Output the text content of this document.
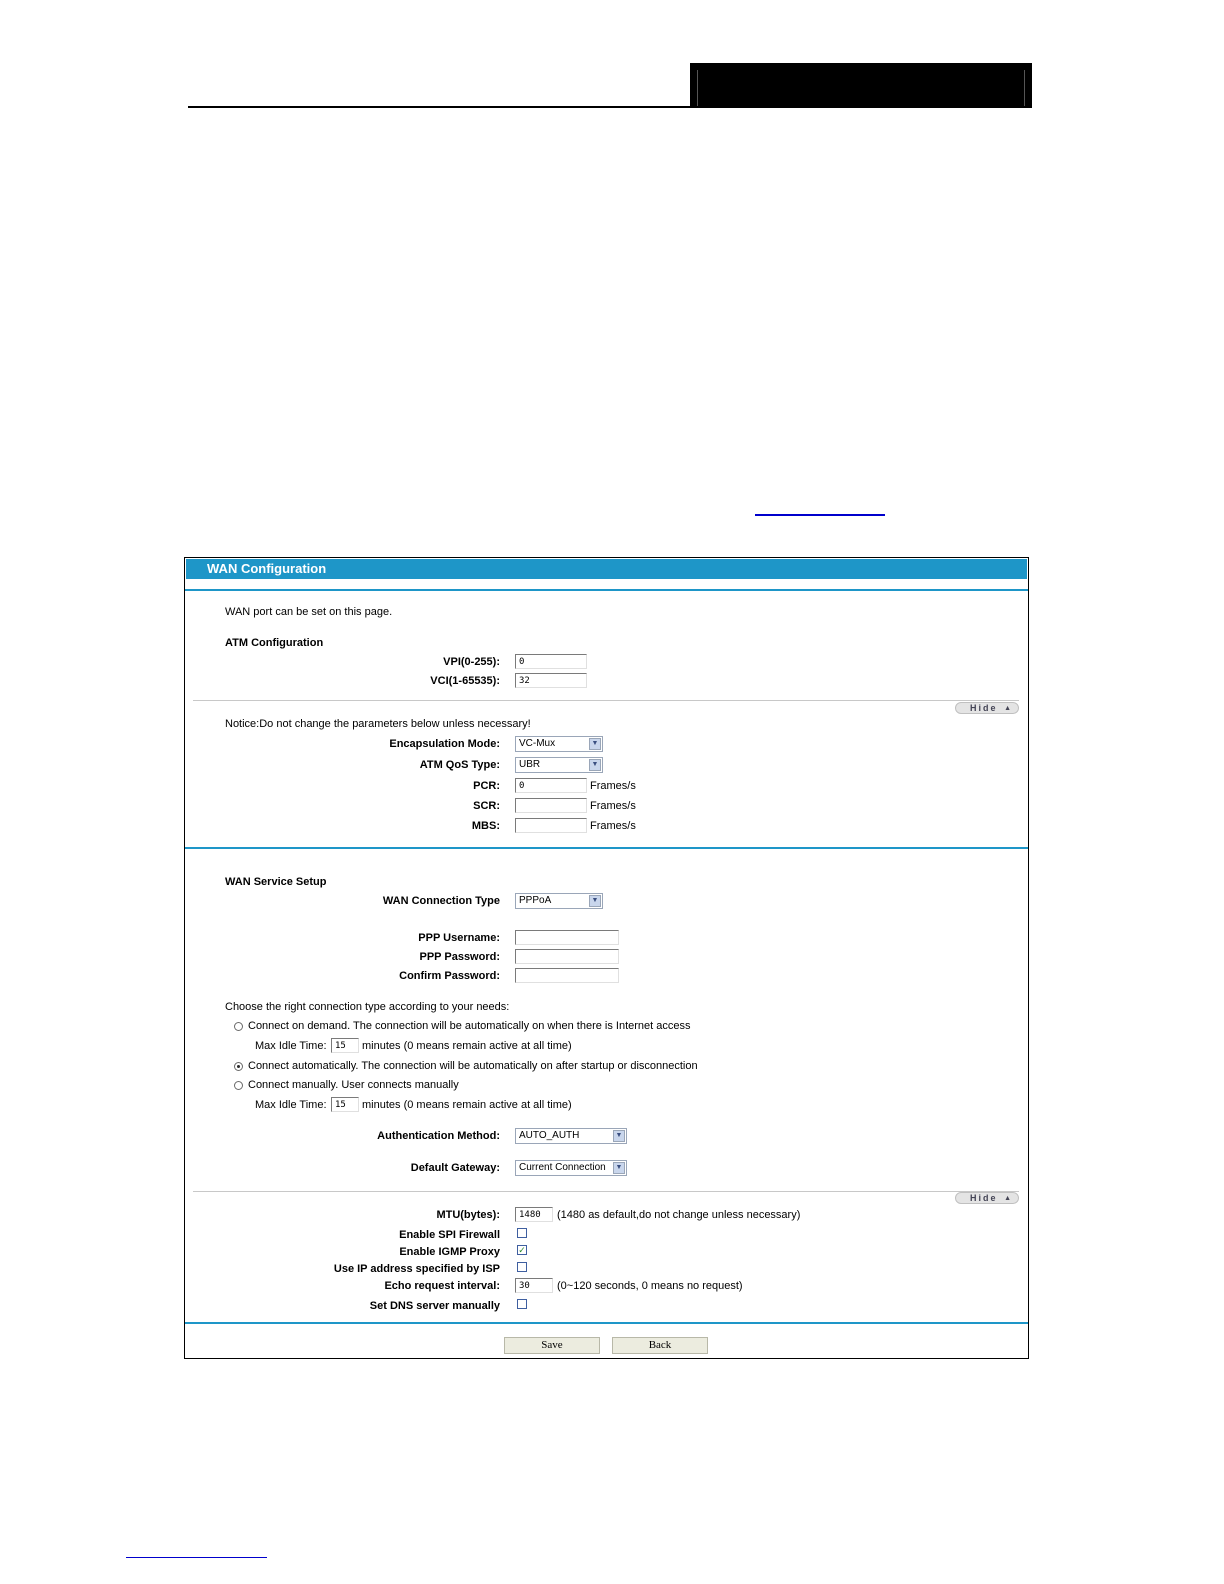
WAN Configuration
WAN port can be set on this page.
ATM Configuration
VPI(0-255):	0
VCI(1-65535):	32
Hide ▲
Notice:Do not change the parameters below unless necessary!
Encapsulation Mode:	VC-Mux	▼
ATM QoS Type:	UBR	▼
PCR:	0	Frames/s
SCR:	Frames/s
MBS:	Frames/s
WAN Service Setup
WAN Connection Type	PPPoA	▼
PPP Username:
PPP Password:
Confirm Password:
Choose the right connection type according to your needs:
Connect on demand. The connection will be automatically on when there is Internet access
Max Idle Time: 15	minutes (0 means remain active at all time)
Connect automatically. The connection will be automatically on after startup or disconnection
Connect manually. User connects manually
Max Idle Time: 15	minutes (0 means remain active at all time)
Authentication Method:	AUTO_AUTH	▼
Default Gateway:	Current Connection	▼
Hide ▲
MTU(bytes):	1480	(1480 as default,do not change unless necessary)
Enable SPI Firewall
Enable IGMP Proxy ✓
Use IP address specified by ISP
Echo request interval:	30	(0~120 seconds, 0 means no request)
Set DNS server manually
Save	Back
